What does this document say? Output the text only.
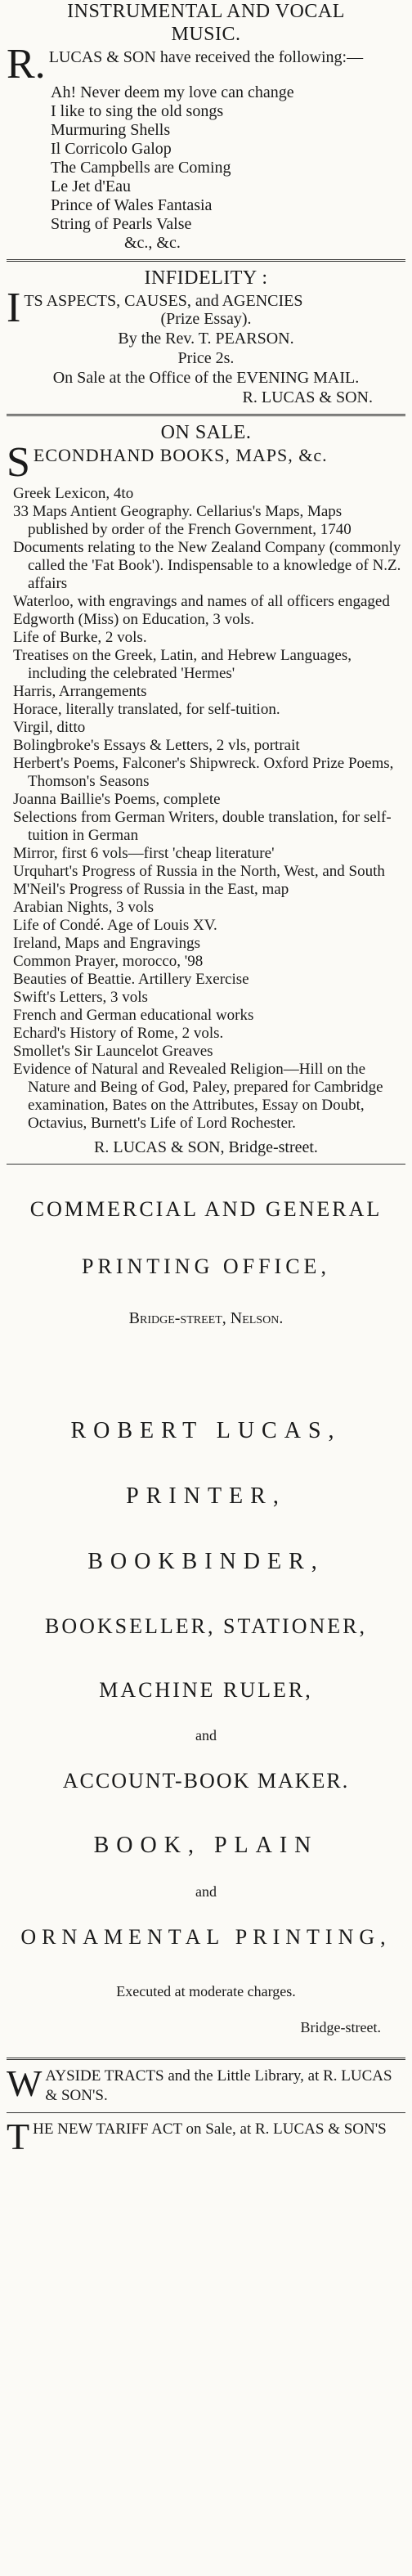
INSTRUMENTAL AND VOCAL
MUSIC.
R. LUCAS & SON have received the following:—
Ah! Never deem my love can change
I like to sing the old songs
Murmuring Shells
Il Corricolo Galop
The Campbells are Coming
Le Jet d'Eau
Prince of Wales Fantasia
String of Pearls Valse
&c., &c.
INFIDELITY :
I TS ASPECTS, CAUSES, and AGENCIES
(Prize Essay).
By the Rev. T. PEARSON.
Price 2s.
On Sale at the Office of the EVENING MAIL.
R. LUCAS & SON.
ON SALE.
S ECONDHAND BOOKS, MAPS, &c.
Greek Lexicon, 4to
33 Maps Antient Geography. Cellarius's Maps, Maps published by order of the French Government, 1740
Documents relating to the New Zealand Company (commonly called the 'Fat Book'). Indispensable to a knowledge of N.Z. affairs
Waterloo, with engravings and names of all officers engaged
Edgworth (Miss) on Education, 3 vols.
Life of Burke, 2 vols.
Treatises on the Greek, Latin, and Hebrew Languages, including the celebrated 'Hermes'
Harris, Arrangements
Horace, literally translated, for self-tuition.
Virgil, ditto
Bolingbroke's Essays & Letters, 2 vls, portrait
Herbert's Poems, Falconer's Shipwreck. Oxford Prize Poems, Thomson's Seasons
Joanna Baillie's Poems, complete
Selections from German Writers, double translation, for self-tuition in German
Mirror, first 6 vols—first 'cheap literature'
Urquhart's Progress of Russia in the North, West, and South
M'Neil's Progress of Russia in the East, map
Arabian Nights, 3 vols
Life of Condé. Age of Louis XV.
Ireland, Maps and Engravings
Common Prayer, morocco, '98
Beauties of Beattie. Artillery Exercise
Swift's Letters, 3 vols
French and German educational works
Echard's History of Rome, 2 vols.
Smollet's Sir Launcelot Greaves
Evidence of Natural and Revealed Religion—Hill on the Nature and Being of God, Paley, prepared for Cambridge examination, Bates on the Attributes, Essay on Doubt, Octavius, Burnett's Life of Lord Rochester.
R. LUCAS & SON, Bridge-street.
COMMERCIAL AND GENERAL
PRINTING OFFICE,
Bridge-street, Nelson.
ROBERT LUCAS,
PRINTER,
BOOKBINDER,
BOOKSELLER, STATIONER,
MACHINE RULER,
and
ACCOUNT-BOOK MAKER.
BOOK, PLAIN
and
ORNAMENTAL PRINTING,
Executed at moderate charges.
Bridge-street.
W AYSIDE TRACTS and the Little Library, at R. LUCAS & SON'S.
T HE NEW TARIFF ACT on Sale, at R. LUCAS & SON'S
